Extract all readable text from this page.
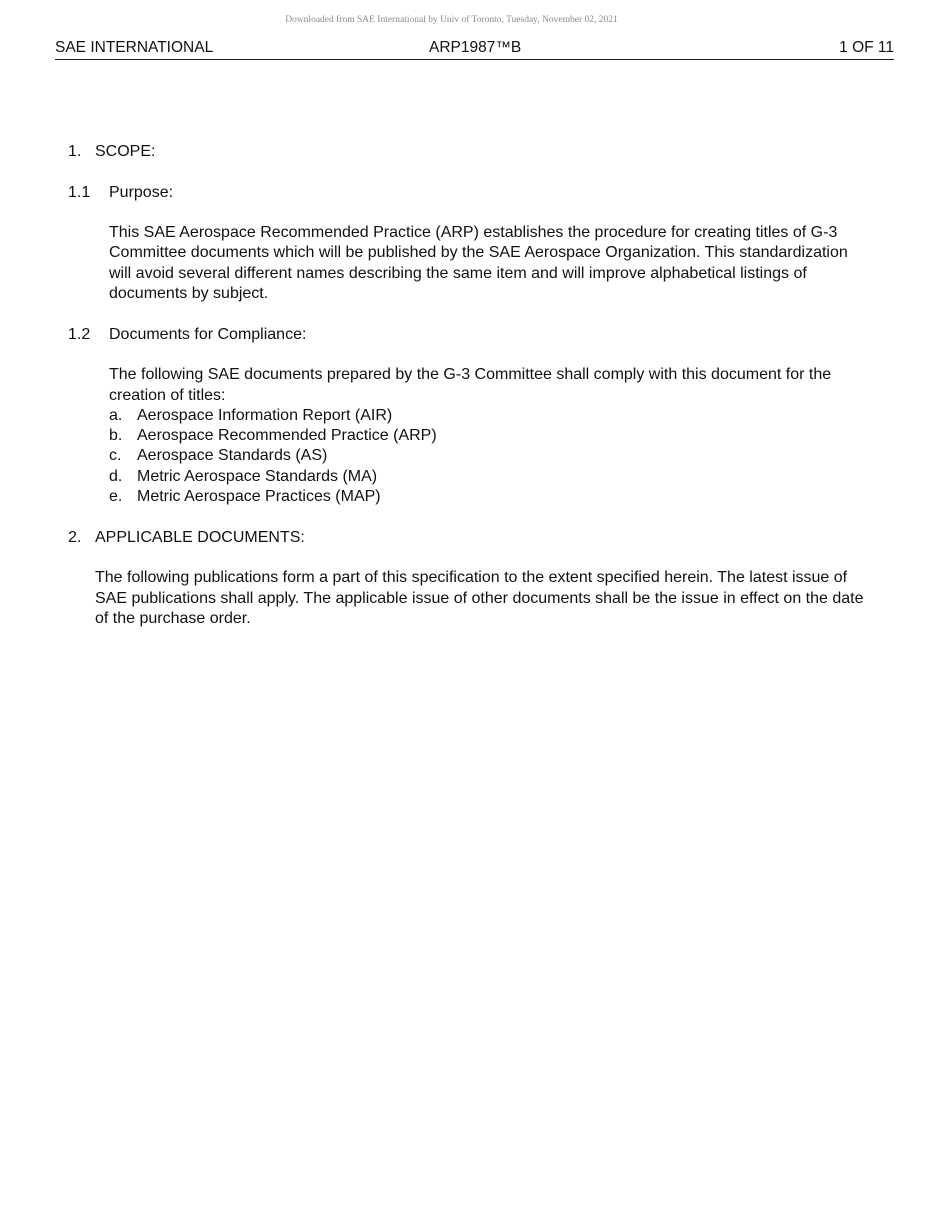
Downloaded from SAE International by Univ of Toronto, Tuesday, November 02, 2021
SAE INTERNATIONAL	ARP1987™B	1 OF 11
1. SCOPE:
1.1 Purpose:

This SAE Aerospace Recommended Practice (ARP) establishes the procedure for creating titles of G-3 Committee documents which will be published by the SAE Aerospace Organization. This standardization will avoid several different names describing the same item and will improve alphabetical listings of documents by subject.

1.2 Documents for Compliance:

The following SAE documents prepared by the G-3 Committee shall comply with this document for the creation of titles:

a. Aerospace Information Report (AIR)
b. Aerospace Recommended Practice (ARP)
c. Aerospace Standards (AS)
d. Metric Aerospace Standards (MA)
e. Metric Aerospace Practices (MAP)
2. APPLICABLE DOCUMENTS:

The following publications form a part of this specification to the extent specified herein. The latest issue of SAE publications shall apply. The applicable issue of other documents shall be the issue in effect on the date of the purchase order.
